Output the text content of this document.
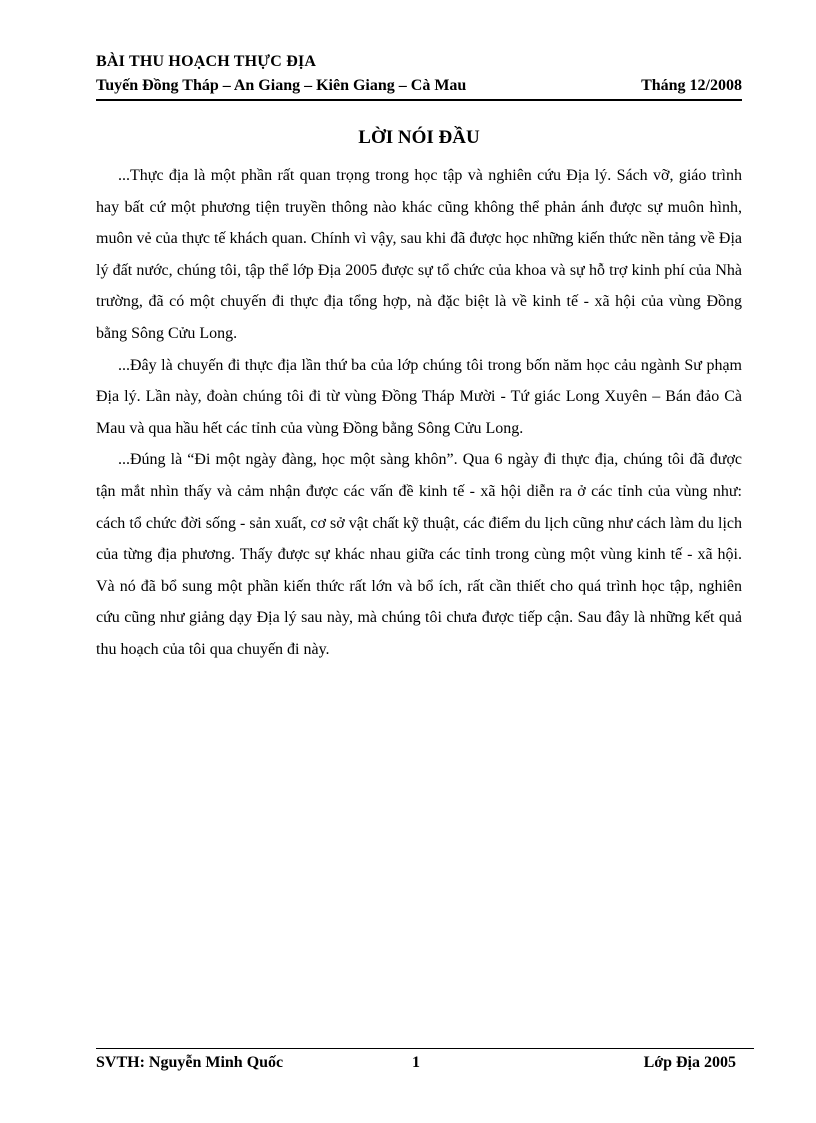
BÀI THU HOẠCH THỰC ĐỊA
Tuyến Đồng Tháp – An Giang – Kiên Giang – Cà Mau	Tháng 12/2008
LỜI NÓI ĐẦU

...Thực địa là một phần rất quan trọng trong học tập và nghiên cứu Địa lý. Sách vỡ, giáo trình hay bất cứ một phương tiện truyền thông nào khác cũng không thể phản ánh được sự muôn hình, muôn vẻ của thực tế khách quan. Chính vì vậy, sau khi đã được học những kiến thức nền tảng về Địa lý đất nước, chúng tôi, tập thể lớp Địa 2005 được sự tổ chức của khoa và sự hỗ trợ kinh phí của Nhà trường, đã có một chuyến đi thực địa tổng hợp, nà đặc biệt là về kinh tế - xã hội của vùng Đồng bằng Sông Cửu Long.

...Đây là chuyến đi thực địa lần thứ ba của lớp chúng tôi trong bốn năm học cảu ngành Sư phạm Địa lý. Lần này, đoàn chúng tôi đi từ vùng Đồng Tháp Mười - Tứ giác Long Xuyên – Bán đảo Cà Mau và qua hầu hết các tỉnh của vùng Đồng bằng Sông Cửu Long.

...Đúng là “Đi một ngày đàng, học một sàng khôn”. Qua 6 ngày đi thực địa, chúng tôi đã được tận mắt nhìn thấy và cảm nhận được các vấn đề kinh tế - xã hội diễn ra ở các tỉnh của vùng như: cách tổ chức đời sống - sản xuất, cơ sở vật chất kỹ thuật, các điểm du lịch cũng như cách làm du lịch của từng địa phương. Thấy được sự khác nhau giữa các tỉnh trong cùng một vùng kinh tế - xã hội. Và nó đã bổ sung một phần kiến thức rất lớn và bổ ích, rất cần thiết cho quá trình học tập, nghiên cứu cũng như giảng dạy Địa lý sau này, mà chúng tôi chưa được tiếp cận. Sau đây là những kết quả thu hoạch của tôi qua chuyến đi này.

SVTH: Nguyễn Minh Quốc	1	Lớp Địa 2005
